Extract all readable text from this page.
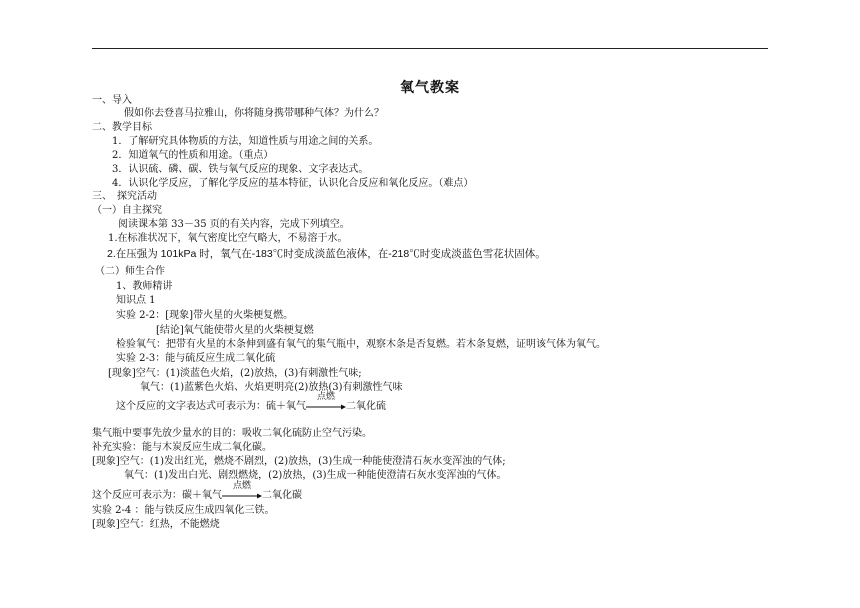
氧气教案
一、导入
假如你去登喜马拉雅山，你将随身携带哪种气体？为什么？
二、教学目标
1．了解研究具体物质的方法，知道性质与用途之间的关系。
2．知道氧气的性质和用途。（重点）
3．认识硫、磷、碳、铁与氧气反应的现象、文字表达式。
4．认识化学反应，了解化学反应的基本特征，认识化合反应和氧化反应。（难点）
三、　探究活动
（一）自主探究
阅读课本第 33－35 页的有关内容，完成下列填空。
1.在标准状况下，氧气密度比空气略大，不易溶于水。
2.在压强为 101kPa 时，氧气在-183℃时变成淡蓝色液体，在-218℃时变成淡蓝色雪花状固体。
（二）师生合作
1、教师精讲
知识点 1
实验 2-2：[现象]带火星的火柴梗复燃。
[结论]氧气能使带火星的火柴梗复燃
检验氧气：把带有火星的木条伸到盛有氧气的集气瓶中，观察木条是否复燃。若木条复燃，证明该气体为氧气。
实验 2-3：能与硫反应生成二氧化硫
[现象]空气：(1)淡蓝色火焰，(2)放热，(3)有刺激性气味;
氧气：(1)蓝紫色火焰、火焰更明亮(2)放热(3)有刺激性气味
这个反应的文字表达式可表示为：硫＋氧气
点燃
二氧化硫
集气瓶中要事先放少量水的目的：吸收二氧化硫防止空气污染。
补充实验：能与木炭反应生成二氧化碳。
[现象]空气：(1)发出红光，燃烧不剧烈，(2)放热，(3)生成一种能使澄清石灰水变浑浊的气体;
氧气：(1)发出白光、剧烈燃烧，(2)放热，(3)生成一种能使澄清石灰水变浑浊的气体。
这个反应可表示为：碳＋氧气
点燃
二氧化碳
实验 2-4 ：能与铁反应生成四氧化三铁。
[现象]空气：红热，不能燃烧
